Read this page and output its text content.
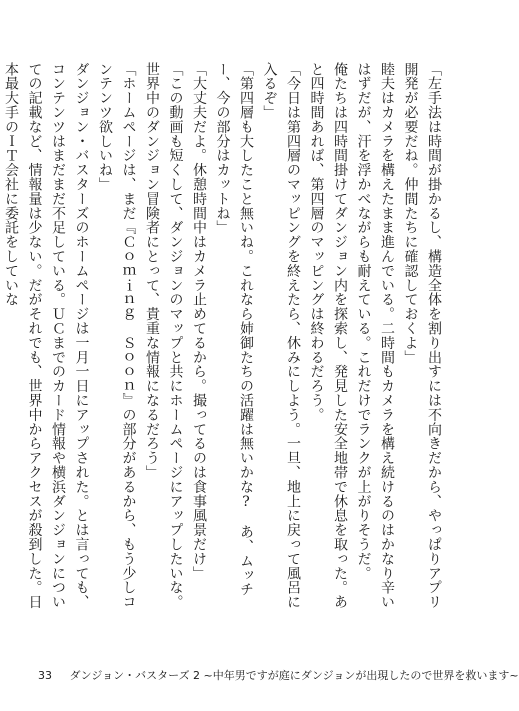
「左手法は時間が掛かるし、構造全体を割り出すには不向きだから、やっぱりアプリ開発が必要だね。仲間たちに確認しておくよ」

睦夫はカメラを構えたまま進んでいる。二時間もカメラを構え続けるのはかなり辛いはずだが、汗を浮かべながらも耐えている。これだけでランクが上がりそうだ。

俺たちは四時間掛けてダンジョン内を探索し、発見した安全地帯で休息を取った。あと四時間あれば、第四層のマッピングは終わるだろう。

「今日は第四層のマッピングを終えたら、休みにしよう。一旦、地上に戻って風呂に入るぞ」

「第四層も大したこと無いね。これなら姉御たちの活躍は無いかな?　あ、ムッチー、今の部分はカットね」

「大丈夫だよ。休憩時間中はカメラ止めてるから。撮ってるのは食事風景だけ」

「この動画も短くして、ダンジョンのマップと共にホームページにアップしたいな。世界中のダンジョン冒険者にとって、貴重な情報になるだろう」

「ホームページは、まだ『Ｃｏｍｉｎｇ　Ｓｏｏｎ』の部分があるから、もう少しコンテンツ欲しいね」

ダンジョン・バスターズのホームページは一月一日にアップされた。とは言っても、コンテンツはまだまだ不足している。ＵＣまでのカード情報や横浜ダンジョンについての記載など、情報量は少ない。だがそれでも、世界中からアクセスが殺到した。日本最大手のＩＴ会社に委託をしていな

33 ダンジョン・バスターズ 2 ~中年男ですが庭にダンジョンが出現したので世界を救います~
